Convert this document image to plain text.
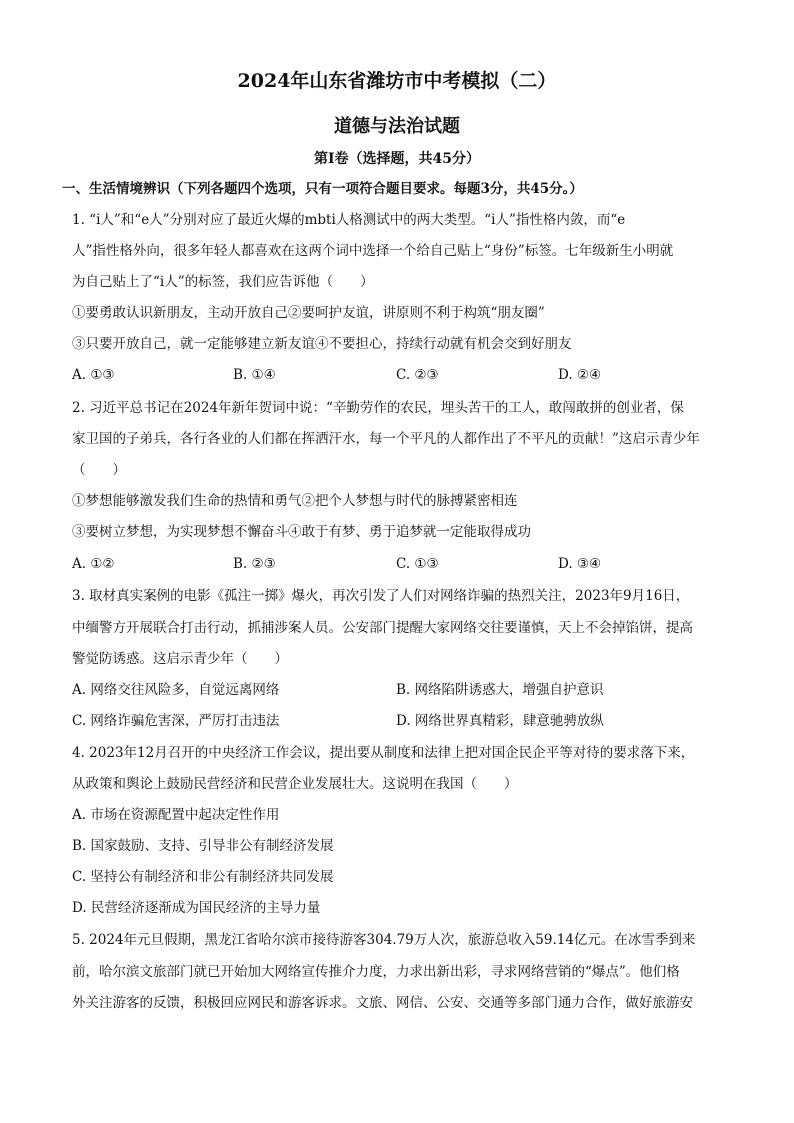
2024年山东省潍坊市中考模拟（二）
道德与法治试题
第Ⅰ卷（选择题，共45分）

一、生活情境辨识（下列各题四个选项，只有一项符合题目要求。每题3分，共45分。）

1. “i人”和“e人”分别对应了最近火爆的mbti人格测试中的两大类型。“i人”指性格内敛，而“e

人”指性格外向，很多年轻人都喜欢在这两个词中选择一个给自己贴上“身份”标签。七年级新生小明就

为自己贴上了“i人”的标签，我们应告诉他（　　）

①要勇敢认识新朋友，主动开放自己②要呵护友谊，讲原则不利于构筑“朋友圈”

③只要开放自己，就一定能够建立新友谊④不要担心，持续行动就有机会交到好朋友

A. ①③	B. ①④	C. ②③	D. ②④

2. 习近平总书记在2024年新年贺词中说：“辛勤劳作的农民，埋头苦干的工人，敢闯敢拼的创业者，保

家卫国的子弟兵，各行各业的人们都在挥洒汗水，每一个平凡的人都作出了不平凡的贡献！”这启示青少年

（　　）

①梦想能够激发我们生命的热情和勇气②把个人梦想与时代的脉搏紧密相连

③要树立梦想，为实现梦想不懈奋斗④敢于有梦、勇于追梦就一定能取得成功

A. ①②	B. ②③	C. ①③	D. ③④

3. 取材真实案例的电影《孤注一掷》爆火，再次引发了人们对网络诈骗的热烈关注，2023年9月16日，

中缅警方开展联合打击行动，抓捕涉案人员。公安部门提醒大家网络交往要谨慎，天上不会掉馅饼，提高

警觉防诱惑。这启示青少年（　　）

A. 网络交往风险多，自觉远离网络	B. 网络陷阱诱惑大，增强自护意识

C. 网络诈骗危害深，严厉打击违法	D. 网络世界真精彩，肆意驰骋放纵

4. 2023年12月召开的中央经济工作会议，提出要从制度和法律上把对国企民企平等对待的要求落下来，

从政策和舆论上鼓励民营经济和民营企业发展壮大。这说明在我国（　　）

A. 市场在资源配置中起决定性作用

B. 国家鼓励、支持、引导非公有制经济发展

C. 坚持公有制经济和非公有制经济共同发展

D. 民营经济逐渐成为国民经济的主导力量

5. 2024年元旦假期，黑龙江省哈尔滨市接待游客304.79万人次，旅游总收入59.14亿元。在冰雪季到来

前，哈尔滨文旅部门就已开始加大网络宣传推介力度，力求出新出彩，寻求网络营销的“爆点”。他们格

外关注游客的反馈，积极回应网民和游客诉求。文旅、网信、公安、交通等多部门通力合作，做好旅游安
